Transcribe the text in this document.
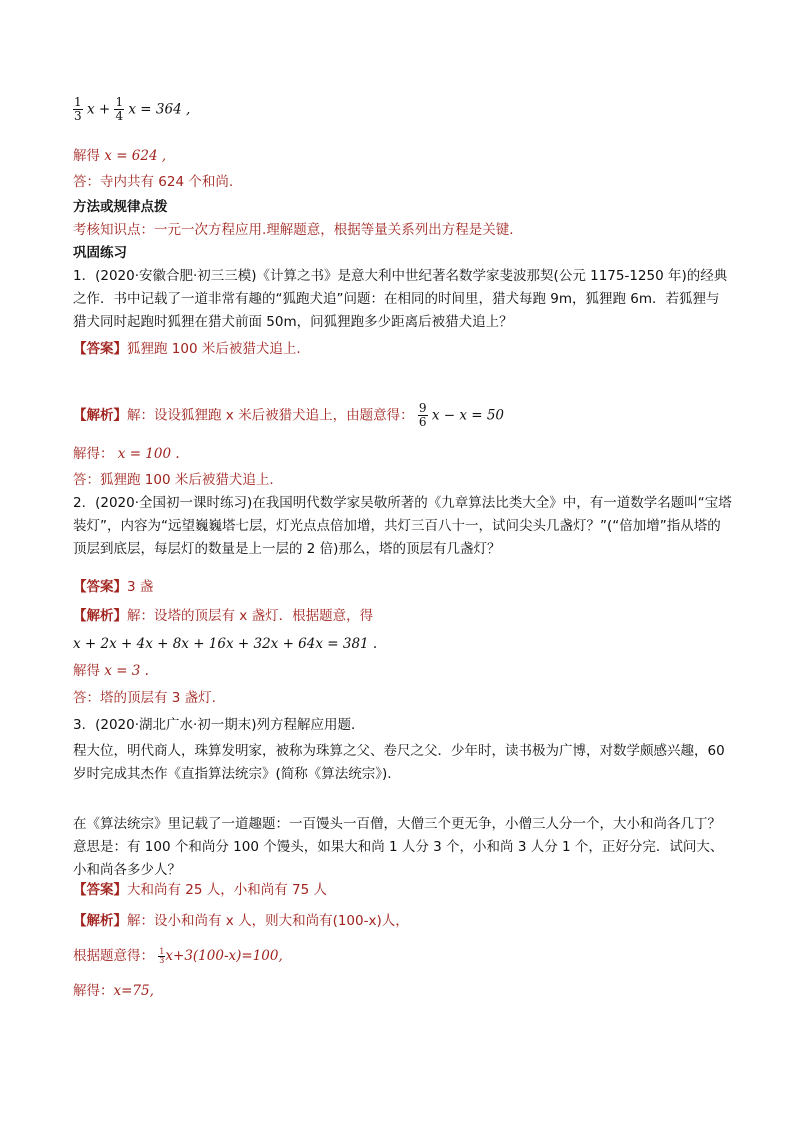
$\frac{1}{3}$ $x + \frac{1}{4}$ x = 364 ,
解得 x = 624 ,
答：寺内共有 624 个和尚.
方法或规律点拨
考核知识点：一元一次方程应用.理解题意，根据等量关系列出方程是关键.
巩固练习
1．(2020·安徽合肥·初三三模)《计算之书》是意大利中世纪著名数学家斐波那契(公元 1175-1250 年)的经典之作．书中记载了一道非常有趣的“狐跑犬追”问题：在相同的时间里，猎犬每跑 9m，狐狸跑 6m．若狐狸与猎犬同时起跑时狐狸在猎犬前面 50m，问狐狸跑多少距离后被猎犬追上？
【答案】狐狸跑 100 米后被猎犬追上.
【解析】解：设设狐狸跑 x 米后被猎犬追上，由题意得： $\frac{9}{6}$ x − x = 50
解得： x = 100 .
答：狐狸跑 100 米后被猎犬追上.
2．(2020·全国初一课时练习)在我国明代数学家吴敬所著的《九章算法比类大全》中，有一道数学名题叫“宝塔装灯”，内容为“远望巍巍塔七层，灯光点点倍加增，共灯三百八十一，试问尖头几盏灯？”(“倍加增”指从塔的顶层到底层，每层灯的数量是上一层的 2 倍)那么，塔的顶层有几盏灯？
【答案】3 盏
【解析】解：设塔的顶层有 x 盏灯．根据题意，得
x + 2x + 4x + 8x + 16x + 32x + 64x = 381 .
解得 x = 3 .
答：塔的顶层有 3 盏灯.
3．(2020·湖北广水·初一期末)列方程解应用题．
程大位，明代商人，珠算发明家，被称为珠算之父、卷尺之父．少年时，读书极为广博，对数学颇感兴趣，60 岁时完成其杰作《直指算法统宗》(简称《算法统宗》).
在《算法统宗》里记载了一道趣题：一百馒头一百僧，大僧三个更无争，小僧三人分一个，大小和尚各几丁？意思是：有 100 个和尚分 100 个馒头，如果大和尚 1 人分 3 个，小和尚 3 人分 1 个，正好分完．试问大、小和尚各多少人？
【答案】大和尚有 25 人，小和尚有 75 人
【解析】解：设小和尚有 x 人，则大和尚有(100-x)人，
根据题意得： $\frac{1}{3} x+3(100-x)=100$,
解得：x=75,
